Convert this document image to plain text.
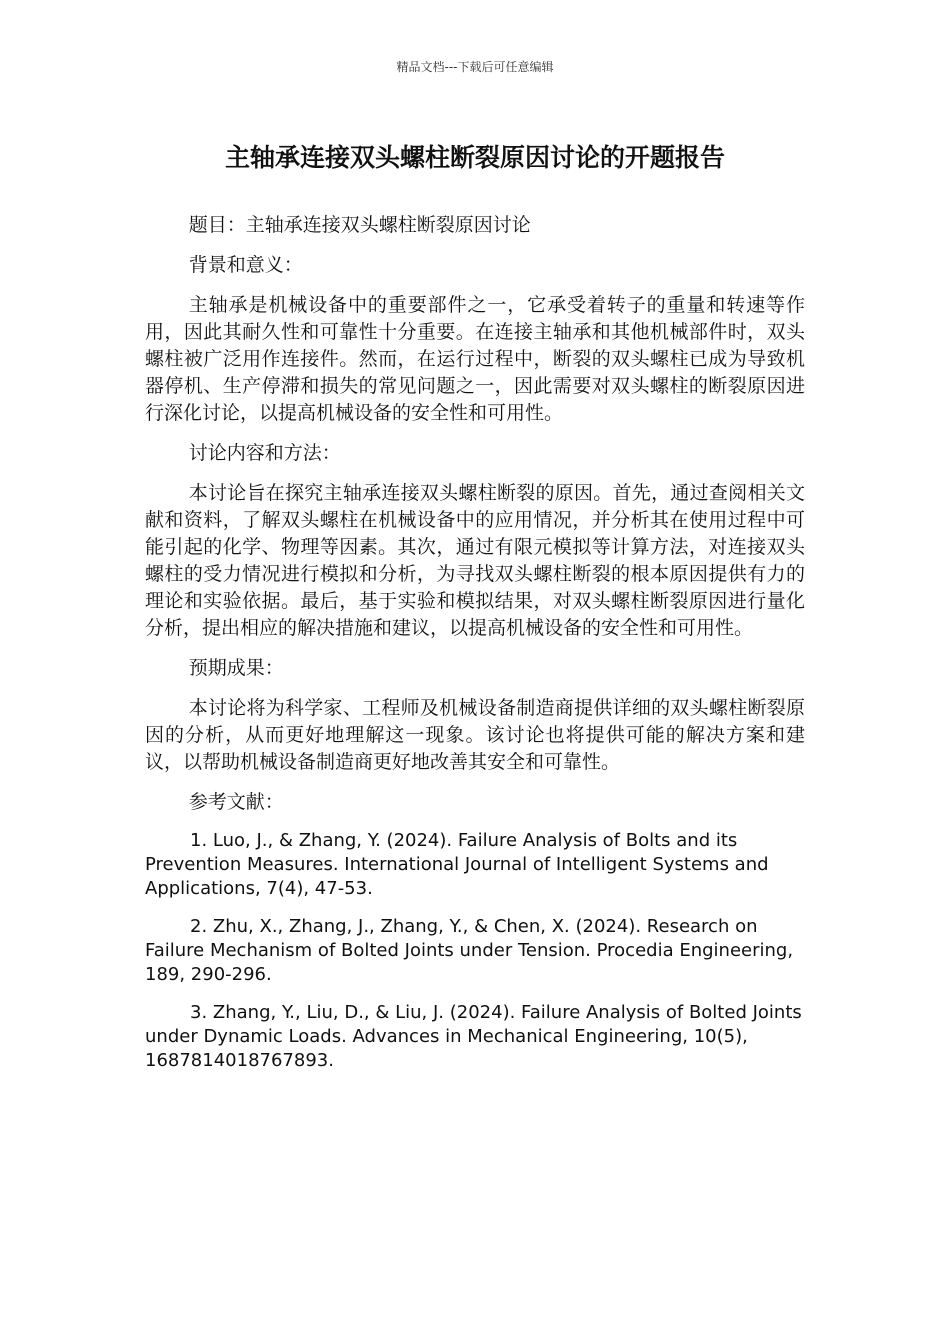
精品文档---下载后可任意编辑
主轴承连接双头螺柱断裂原因讨论的开题报告

题目：主轴承连接双头螺柱断裂原因讨论

背景和意义：

主轴承是机械设备中的重要部件之一，它承受着转子的重量和转速等作用，因此其耐久性和可靠性十分重要。在连接主轴承和其他机械部件时，双头螺柱被广泛用作连接件。然而，在运行过程中，断裂的双头螺柱已成为导致机器停机、生产停滞和损失的常见问题之一，因此需要对双头螺柱的断裂原因进行深化讨论，以提高机械设备的安全性和可用性。

讨论内容和方法：

本讨论旨在探究主轴承连接双头螺柱断裂的原因。首先，通过查阅相关文献和资料，了解双头螺柱在机械设备中的应用情况，并分析其在使用过程中可能引起的化学、物理等因素。其次，通过有限元模拟等计算方法，对连接双头螺柱的受力情况进行模拟和分析，为寻找双头螺柱断裂的根本原因提供有力的理论和实验依据。最后，基于实验和模拟结果，对双头螺柱断裂原因进行量化分析，提出相应的解决措施和建议，以提高机械设备的安全性和可用性。

预期成果：

本讨论将为科学家、工程师及机械设备制造商提供详细的双头螺柱断裂原因的分析，从而更好地理解这一现象。该讨论也将提供可能的解决方案和建议，以帮助机械设备制造商更好地改善其安全和可靠性。

参考文献：

1. Luo, J., & Zhang, Y. (2024). Failure Analysis of Bolts and its Prevention Measures. International Journal of Intelligent Systems and Applications, 7(4), 47-53.

2. Zhu, X., Zhang, J., Zhang, Y., & Chen, X. (2024). Research on Failure Mechanism of Bolted Joints under Tension. Procedia Engineering, 189, 290-296.

3. Zhang, Y., Liu, D., & Liu, J. (2024). Failure Analysis of Bolted Joints under Dynamic Loads. Advances in Mechanical Engineering, 10(5), 1687814018767893.
